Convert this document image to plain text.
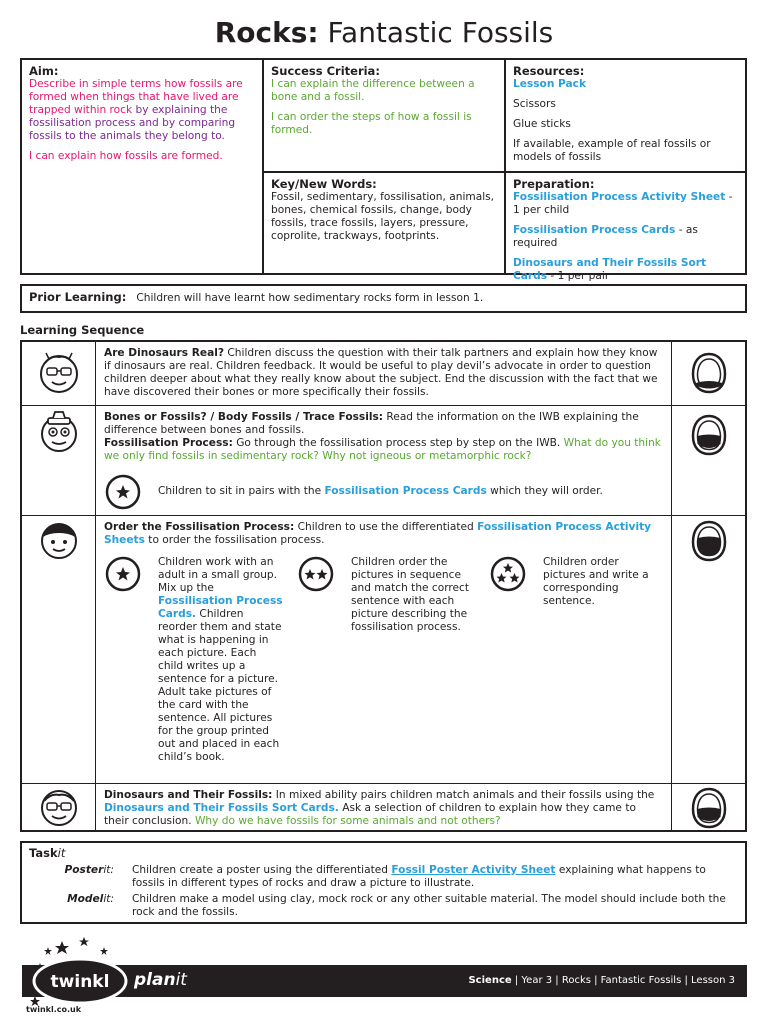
Rocks: Fantastic Fossils
Aim:

Describe in simple terms how fossils are formed when things that have lived are trapped within rock by explaining the fossilisation process and by comparing fossils to the animals they belong to.

I can explain how fossils are formed.

Success Criteria:

I can explain the difference between a bone and a fossil.

I can order the steps of how a fossil is formed.

Resources:

Lesson Pack

Scissors

Glue sticks

If available, example of real fossils or models of fossils

Key/New Words:

Fossil, sedimentary, fossilisation, animals, bones, chemical fossils, change, body fossils, trace fossils, layers, pressure, coprolite, trackways, footprints.

Preparation:

Fossilisation Process Activity Sheet - 1 per child

Fossilisation Process Cards - as required

Dinosaurs and Their Fossils Sort Cards - 1 per pair

Prior Learning: Children will have learnt how sedimentary rocks form in lesson 1.
Learning Sequence
Are Dinosaurs Real? Children discuss the question with their talk partners and explain how they know if dinosaurs are real. Children feedback. It would be useful to play devil’s advocate in order to question children deeper about what they really know about the subject. End the discussion with the fact that we have discovered their bones or more specifically their fossils.
Bones or Fossils? / Body Fossils / Trace Fossils: Read the information on the IWB explaining the difference between bones and fossils.
Fossilisation Process: Go through the fossilisation process step by step on the IWB. What do you think we only find fossils in sedimentary rock? Why not igneous or metamorphic rock?
Children to sit in pairs with the Fossilisation Process Cards which they will order.
Order the Fossilisation Process: Children to use the differentiated Fossilisation Process Activity Sheets to order the fossilisation process.
Children work with an adult in a small group. Mix up the Fossilisation Process Cards. Children reorder them and state what is happening in each picture. Each child writes up a sentence for a picture. Adult take pictures of the card with the sentence. All pictures for the group printed out and placed in each child’s book.
Children order the pictures in sequence and match the correct sentence with each picture describing the fossilisation process.
Children order pictures and write a corresponding sentence.
Dinosaurs and Their Fossils: In mixed ability pairs children match animals and their fossils using the Dinosaurs and Their Fossils Sort Cards. Ask a selection of children to explain how they came to their conclusion. Why do we have fossils for some animals and not others?
Taskit
Posterit: Children create a poster using the differentiated Fossil Poster Activity Sheet explaining what happens to fossils in different types of rocks and draw a picture to illustrate.
Modelit: Children make a model using clay, mock rock or any other suitable material. The model should include both the rock and the fossils.
Science | Year 3 | Rocks | Fantastic Fossils | Lesson 3
twinkl planit
twinkl.co.uk
